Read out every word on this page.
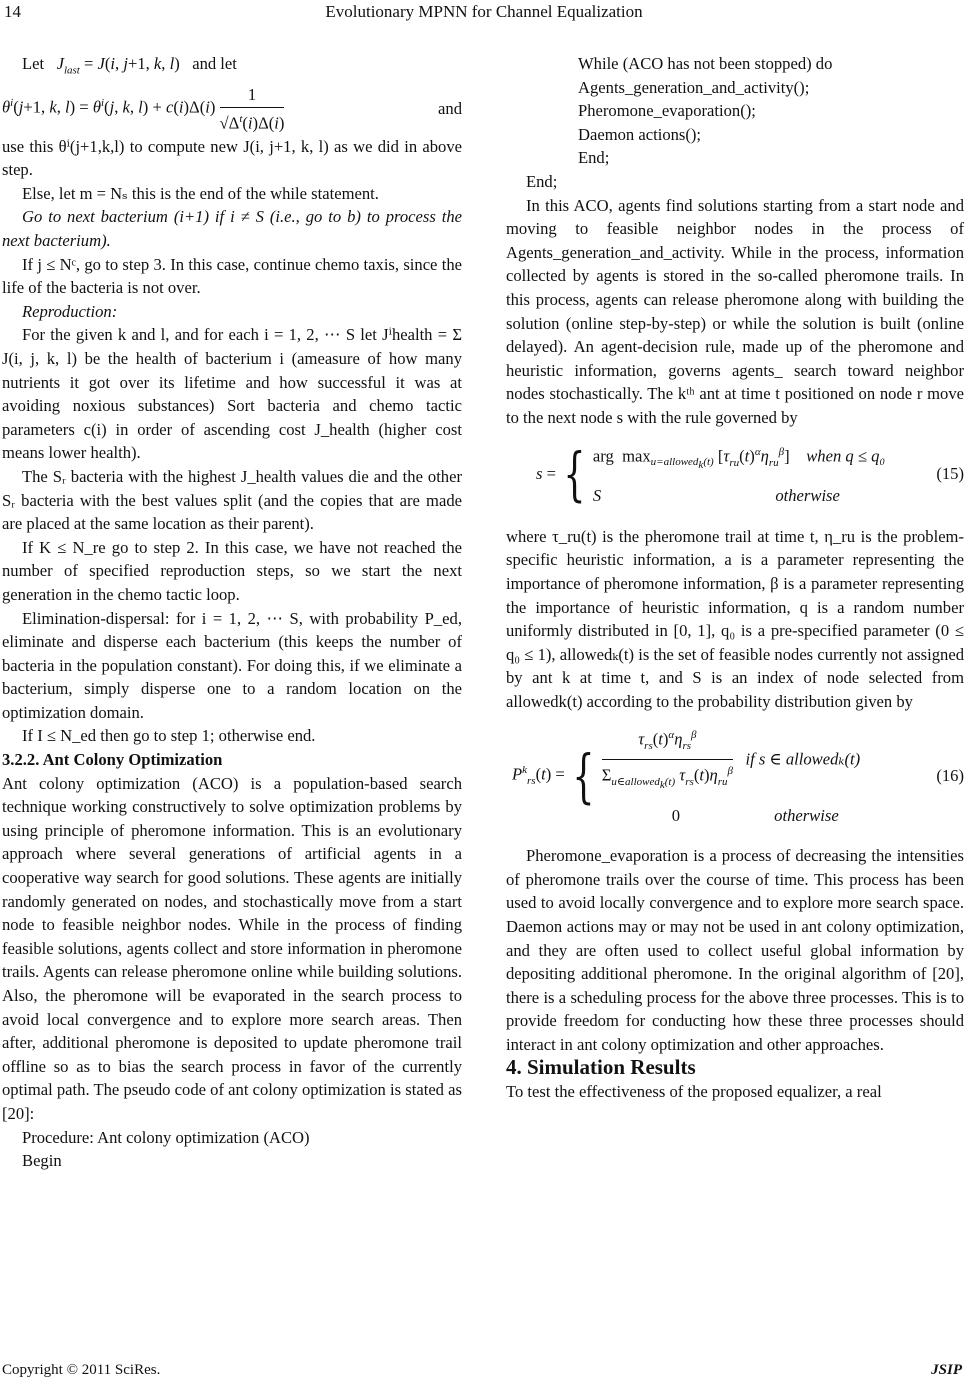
14	Evolutionary MPNN for Channel Equalization

Let $J_{last} = J(i$, j+1, k, l)   and let

$\theta^i(j+1$, k, $l) = \theta^i(j$, k, $l) + c(i)\Delta(i) \frac{1}{√\Delta^t(i)\Delta(i)}$	and

use this θⁱ(j+1,k,l) to compute new J(i, j+1, k, l) as we did in above step.

Else, let m = Nₛ this is the end of the while statement.

Go to next bacterium (i+1) if i ≠ S (i.e., go to b) to process the next bacterium).

If j ≤ Nᶜ, go to step 3. In this case, continue chemo taxis, since the life of the bacteria is not over.

Reproduction:

For the given k and l, and for each i = 1, 2, ⋯ S let Jⁱhealth = Σ J(i, j, k, l) be the health of bacterium i (ameasure of how many nutrients it got over its lifetime and how successful it was at avoiding noxious substances) Sort bacteria and chemo tactic parameters c(i) in order of ascending cost J_health (higher cost means lower health).

The Sᵣ bacteria with the highest J_health values die and the other Sᵣ bacteria with the best values split (and the copies that are made are placed at the same location as their parent).

If K ≤ N_re go to step 2. In this case, we have not reached the number of specified reproduction steps, so we start the next generation in the chemo tactic loop.

Elimination-dispersal: for i = 1, 2, ⋯ S, with probability P_ed, eliminate and disperse each bacterium (this keeps the number of bacteria in the population constant). For doing this, if we eliminate a bacterium, simply disperse one to a random location on the optimization domain.

If I ≤ N_ed then go to step 1; otherwise end.

3.2.2. Ant Colony Optimization

Ant colony optimization (ACO) is a population-based search technique working constructively to solve optimization problems by using principle of pheromone information. This is an evolutionary approach where several generations of artificial agents in a cooperative way search for good solutions. These agents are initially randomly generated on nodes, and stochastically move from a start node to feasible neighbor nodes. While in the process of finding feasible solutions, agents collect and store information in pheromone trails. Agents can release pheromone online while building solutions. Also, the pheromone will be evaporated in the search process to avoid local convergence and to explore more search areas. Then after, additional pheromone is deposited to update pheromone trail offline so as to bias the search process in favor of the currently optimal path. The pseudo code of ant colony optimization is stated as [20]:

Procedure: Ant colony optimization (ACO)

Begin

While (ACO has not been stopped) do

Agents_generation_and_activity();

Pheromone_evaporation();

Daemon actions();

End;

End;

In this ACO, agents find solutions starting from a start node and moving to feasible neighbor nodes in the process of Agents_generation_and_activity. While in the process, information collected by agents is stored in the so-called pheromone trails. In this process, agents can release pheromone along with building the solution (online step-by-step) or while the solution is built (online delayed). An agent-decision rule, made up of the pheromone and heuristic information, governs agents_ search toward neighbor nodes stochastically. The kᵗʰ ant at time t positioned on node r move to the next node s with the rule governed by

s = { arg  $\max_{u=allowed_k(t)} [\tau_{ru}(t)^\alpha\eta_{ru}^\beta]$    when q ≤ q₀
S	otherwise
(15)

where τ_ru(t) is the pheromone trail at time t, η_ru is the problem-specific heuristic information, a is a parameter representing the importance of pheromone information, β is a parameter representing the importance of heuristic information, q is a random number uniformly distributed in [0, 1], q₀ is a pre-specified parameter (0 ≤ q₀ ≤ 1), allowedₖ(t) is the set of feasible nodes currently not assigned by ant k at time t, and S is an index of node selected from allowedk(t) according to the probability distribution given by

$P^k_{rs}(t)$ = { $\frac{\tau_{rs}(t)^\alpha\eta_{rs}^\beta}{\Sigma_{u\in allowed_k(t)} \tau_{rs}(t)\eta_{ru}^\beta}$ if s ∈ allowedₖ(t)
0	otherwise
(16)

Pheromone_evaporation is a process of decreasing the intensities of pheromone trails over the course of time. This process has been used to avoid locally convergence and to explore more search space. Daemon actions may or may not be used in ant colony optimization, and they are often used to collect useful global information by depositing additional pheromone. In the original algorithm of [20], there is a scheduling process for the above three processes. This is to provide freedom for conducting how these three processes should interact in ant colony optimization and other approaches.

4. Simulation Results

To test the effectiveness of the proposed equalizer, a real

Copyright © 2011 SciRes.	JSIP
